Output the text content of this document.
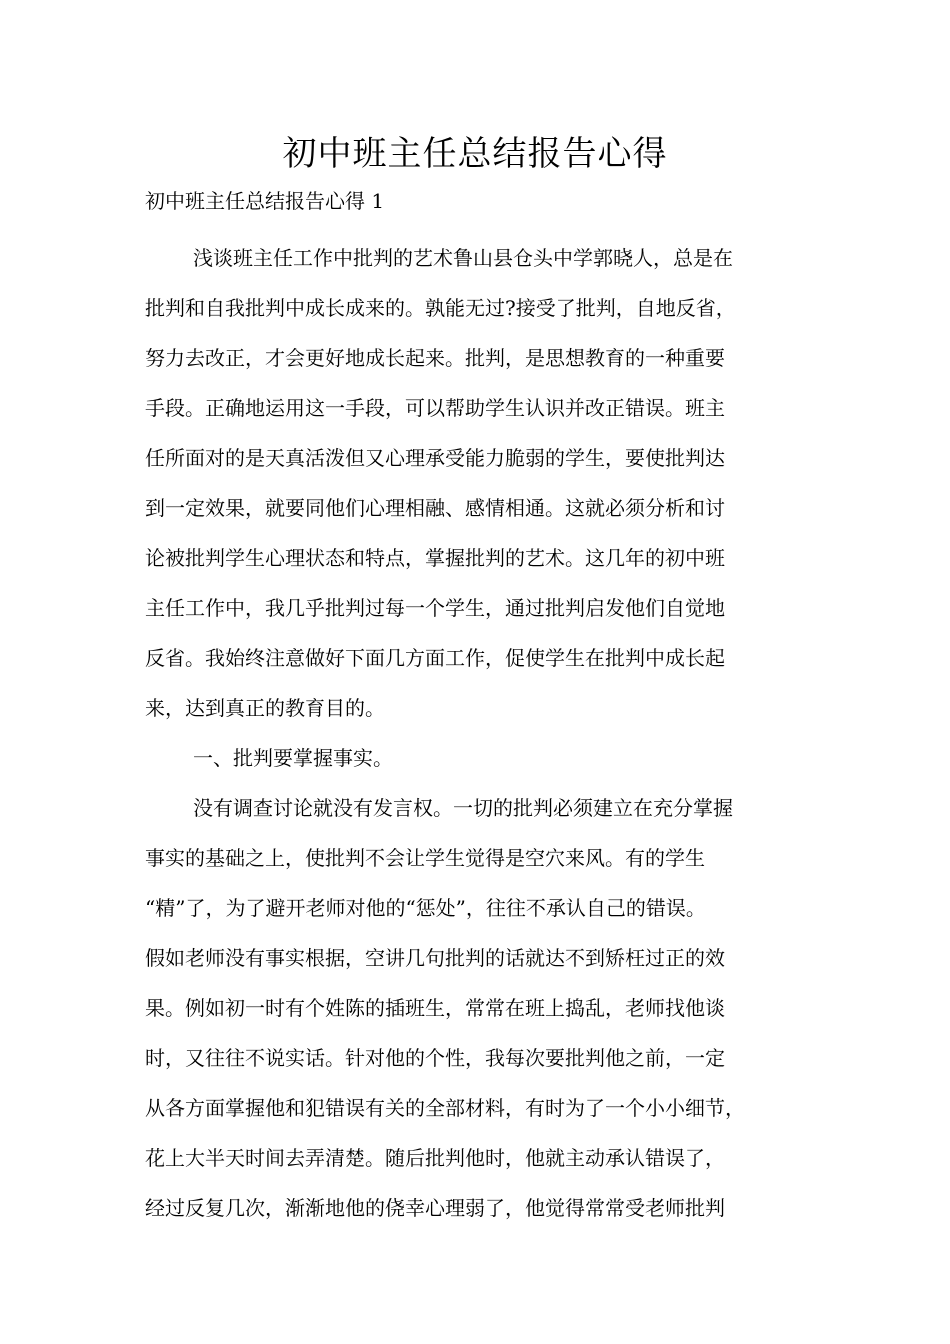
初中班主任总结报告心得

初中班主任总结报告心得 1

浅谈班主任工作中批判的艺术鲁山县仓头中学郭晓人，总是在

批判和自我批判中成长成来的。孰能无过?接受了批判，自地反省，

努力去改正，才会更好地成长起来。批判，是思想教育的一种重要

手段。正确地运用这一手段，可以帮助学生认识并改正错误。班主

任所面对的是天真活泼但又心理承受能力脆弱的学生，要使批判达

到一定效果，就要同他们心理相融、感情相通。这就必须分析和讨

论被批判学生心理状态和特点，掌握批判的艺术。这几年的初中班

主任工作中，我几乎批判过每一个学生，通过批判启发他们自觉地

反省。我始终注意做好下面几方面工作，促使学生在批判中成长起

来，达到真正的教育目的。

一、批判要掌握事实。

没有调查讨论就没有发言权。一切的批判必须建立在充分掌握

事实的基础之上，使批判不会让学生觉得是空穴来风。有的学生

“精”了，为了避开老师对他的“惩处”，往往不承认自己的错误。

假如老师没有事实根据，空讲几句批判的话就达不到矫枉过正的效

果。例如初一时有个姓陈的插班生，常常在班上捣乱，老师找他谈

时，又往往不说实话。针对他的个性，我每次要批判他之前，一定

从各方面掌握他和犯错误有关的全部材料，有时为了一个小小细节，

花上大半天时间去弄清楚。随后批判他时，他就主动承认错误了，

经过反复几次，渐渐地他的侥幸心理弱了，他觉得常常受老师批判
